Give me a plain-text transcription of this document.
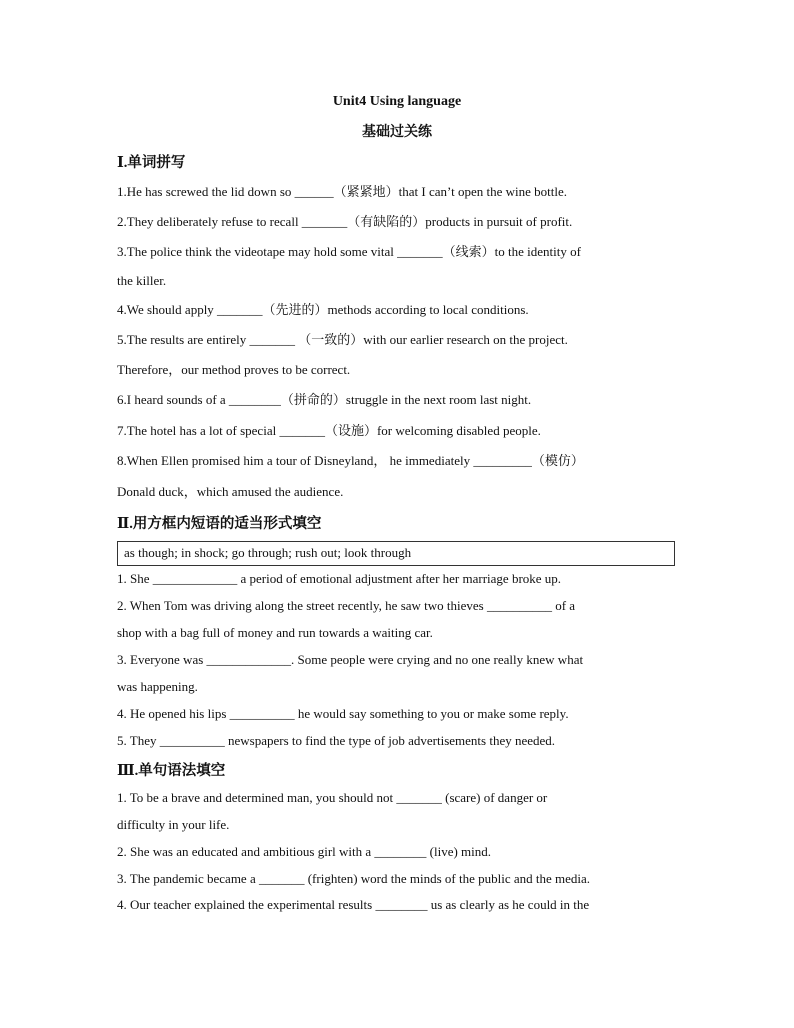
Unit4 Using language
基础过关练
Ⅰ.单词拼写
1.He has screwed the lid down so ______（紧紧地）that I can’t open the wine bottle.
2.They deliberately refuse to recall _______（有缺陷的）products in pursuit of profit.
3.The police think the videotape may hold some vital _______（线索）to the identity of
the killer.
4.We should apply _______（先进的）methods according to local conditions.
5.The results are entirely _______ （一致的）with our earlier research on the project.
Therefore，our method proves to be correct.
6.I heard sounds of a ________（拼命的）struggle in the next room last night.
7.The hotel has a lot of special _______（设施）for welcoming disabled people.
8.When Ellen promised him a tour of Disneyland， he immediately _________（模仿）
Donald duck，which amused the audience.
Ⅱ.用方框内短语的适当形式填空
as though; in shock; go through; rush out; look through
1. She _____________ a period of emotional adjustment after her marriage broke up.
2. When Tom was driving along the street recently, he saw two thieves __________ of a
shop with a bag full of money and run towards a waiting car.
3. Everyone was _____________. Some people were crying and no one really knew what
was happening.
4. He opened his lips __________ he would say something to you or make some reply.
5. They __________ newspapers to find the type of job advertisements they needed.
Ⅲ.单句语法填空
1. To be a brave and determined man, you should not _______ (scare) of danger or
difficulty in your life.
2. She was an educated and ambitious girl with a ________ (live) mind.
3. The pandemic became a _______ (frighten) word the minds of the public and the media.
4. Our teacher explained the experimental results ________ us as clearly as he could in the
